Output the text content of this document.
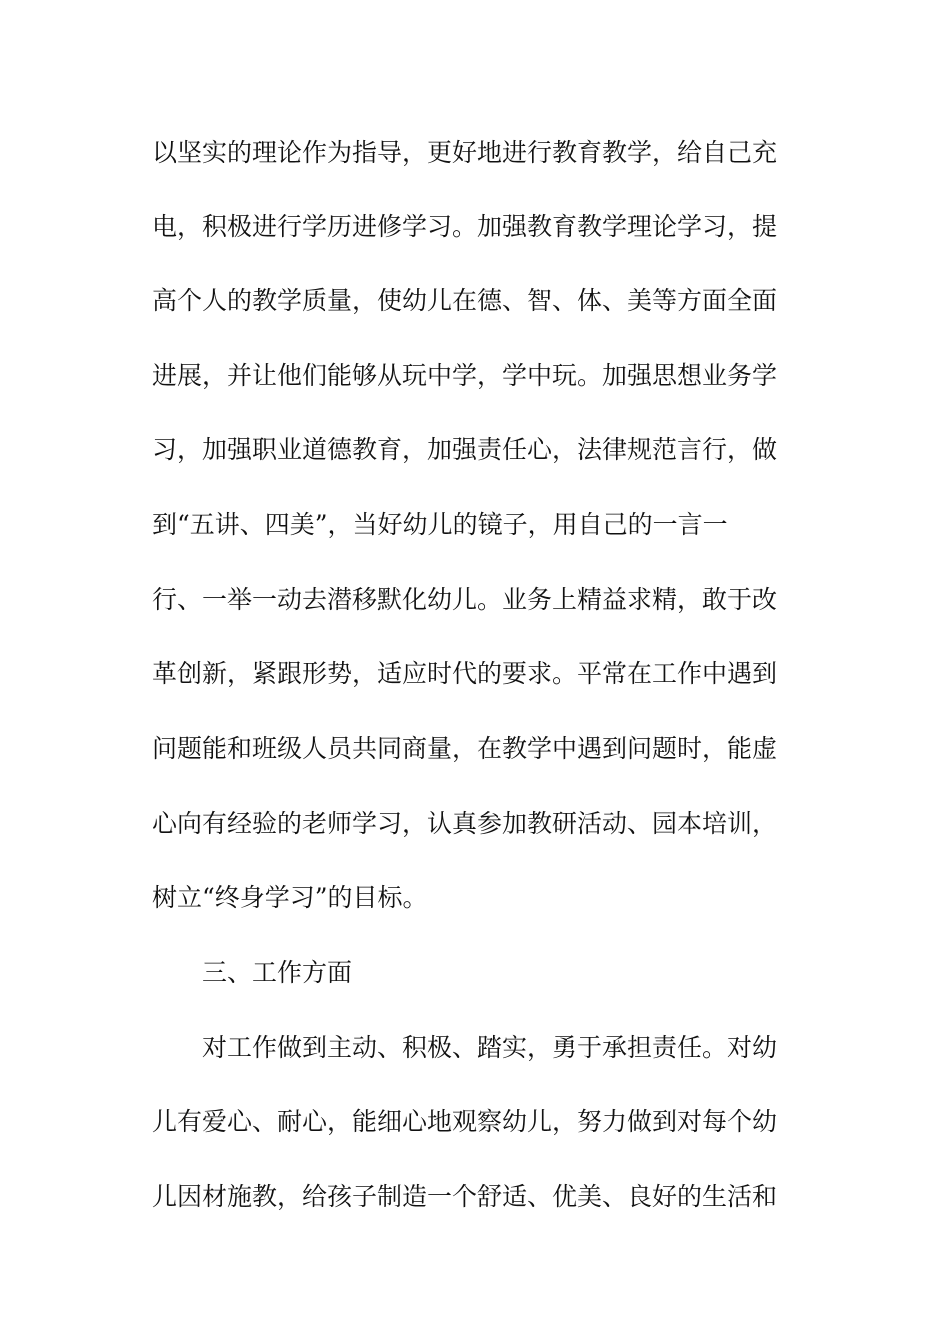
以坚实的理论作为指导，更好地进行教育教学，给自己充
电，积极进行学历进修学习。加强教育教学理论学习，提
高个人的教学质量，使幼儿在德、智、体、美等方面全面
进展，并让他们能够从玩中学，学中玩。加强思想业务学
习，加强职业道德教育，加强责任心，法律规范言行，做
到“五讲、四美”，当好幼儿的镜子，用自己的一言一
行、一举一动去潜移默化幼儿。业务上精益求精，敢于改
革创新，紧跟形势，适应时代的要求。平常在工作中遇到
问题能和班级人员共同商量，在教学中遇到问题时，能虚
心向有经验的老师学习，认真参加教研活动、园本培训，
树立“终身学习”的目标。
三、工作方面
对工作做到主动、积极、踏实，勇于承担责任。对幼
儿有爱心、耐心，能细心地观察幼儿，努力做到对每个幼
儿因材施教，给孩子制造一个舒适、优美、良好的生活和
